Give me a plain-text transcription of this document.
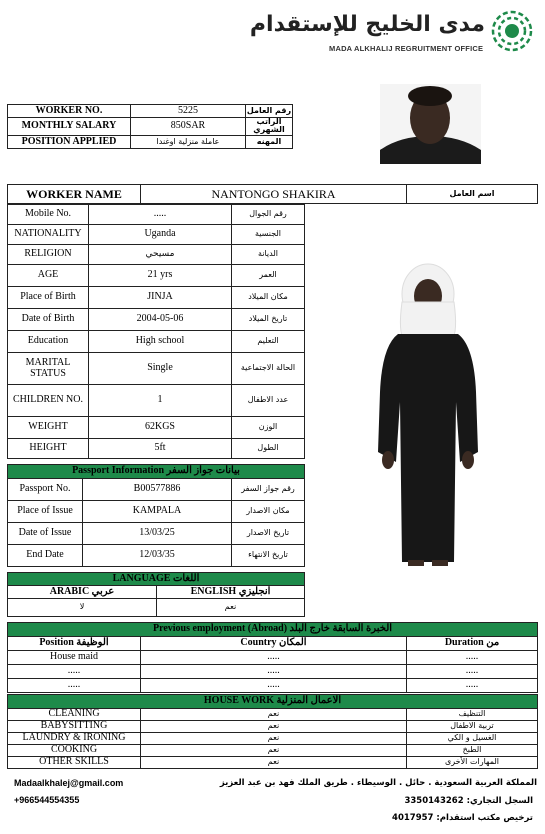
مدى الخليج للإستقدام
MADA ALKHALIJ REGRUITMENT OFFICE
WORKER NO.	5225	رقم العامل
MONTHLY SALARY	850SAR	الراتب الشهري
POSITION APPLIED	عاملة منزلية اوغندا	المهنه
WORKER NAME	NANTONGO SHAKIRA	اسم العامل
Mobile No.	.....	رقم الجوال
NATIONALITY	Uganda	الجنسية
RELIGION	مسيحي	الديانة
AGE	21 yrs	العمر
Place of Birth	JINJA	مكان الميلاد
Date of Birth	2004-05-06	تاريخ الميلاد
Education	High school	التعليم
MARITAL STATUS	Single	الحالة الاجتماعية
CHILDREN NO.	1	عدد الاطفال
WEIGHT	62KGS	الوزن
HEIGHT	5ft	الطول
Passport Information بيانات جواز السفر		
Passport No.	B00577886	رقم جواز السفر
Place of Issue	KAMPALA	مكان الاصدار
Date of Issue	13/03/25	تاريخ الاصدار
End Date	12/03/35	تاريخ الانتهاء
LANGUAGE اللغات	
ARABIC عربي	ENGLISH انجليزي
لا	نعم
Previous employment (Abroad) الخبرة السابقة خارج البلد		
Position الوظيفة	Country المكان	Duration من
House maid	.....	.....
.....	.....	.....
.....	.....	.....
HOUSE WORK الاعمال المنزلية		
CLEANING	نعم	التنظيف
BABYSITTING	نعم	تربية الاطفال
LAUNDRY & IRONING	نعم	الغسيل و الكي
COOKING	نعم	الطبخ
OTHER SKILLS	نعم	المهارات الأخرى
Madaalkhalej@gmail.com
+966544554355
المملكة العربية السعودية . حائل . الوسيطاء . طريق الملك فهد بن عبد العزيز
السجل التجاري: 3350143262
ترخيص مكتب استقدام: 4017957
